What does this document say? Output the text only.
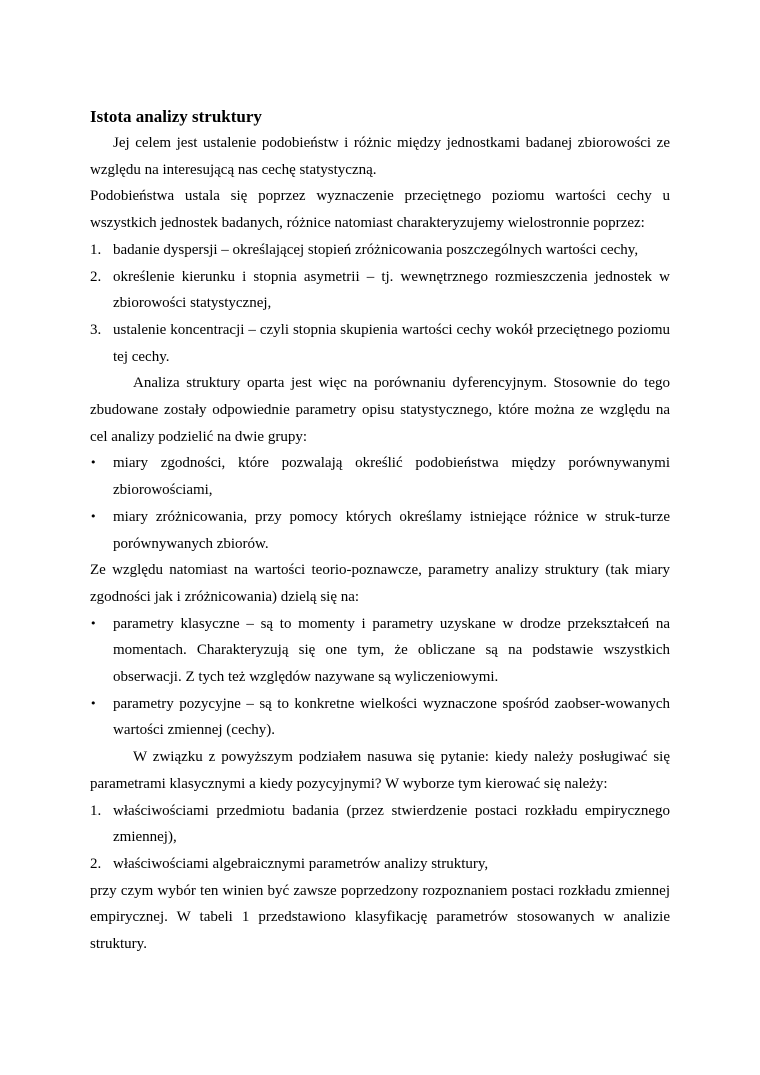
Istota analizy struktury

Jej celem jest ustalenie podobieństw i różnic między jednostkami badanej zbiorowości ze względu na interesującą nas cechę statystyczną.

Podobieństwa ustala się poprzez wyznaczenie przeciętnego poziomu wartości cechy u wszystkich jednostek badanych, różnice natomiast charakteryzujemy wielostronnie poprzez:

1. badanie dyspersji – określającej stopień zróżnicowania poszczególnych wartości cechy,
2. określenie kierunku i stopnia asymetrii – tj. wewnętrznego rozmieszczenia jednostek w zbiorowości statystycznej,
3. ustalenie koncentracji – czyli stopnia skupienia wartości cechy wokół przeciętnego poziomu tej cechy.

Analiza struktury oparta jest więc na porównaniu dyferencyjnym. Stosownie do tego zbudowane zostały odpowiednie parametry opisu statystycznego, które można ze względu na cel analizy podzielić na dwie grupy:

• miary zgodności, które pozwalają określić podobieństwa między porównywanymi zbiorowościami,
• miary zróżnicowania, przy pomocy których określamy istniejące różnice w struk-turze porównywanych zbiorów.

Ze względu natomiast na wartości teorio-poznawcze, parametry analizy struktury (tak miary zgodności jak i zróżnicowania) dzielą się na:

• parametry klasyczne – są to momenty i parametry uzyskane w drodze przekształceń na momentach. Charakteryzują się one tym, że obliczane są na podstawie wszystkich obserwacji. Z tych też względów nazywane są wyliczeniowymi.
• parametry pozycyjne – są to konkretne wielkości wyznaczone spośród zaobser-wowanych wartości zmiennej (cechy).

W związku z powyższym podziałem nasuwa się pytanie: kiedy należy posługiwać się parametrami klasycznymi a kiedy pozycyjnymi? W wyborze tym kierować się należy:

1. właściwościami przedmiotu badania (przez stwierdzenie postaci rozkładu empirycznego zmiennej),
2. właściwościami algebraicznymi parametrów analizy struktury,

przy czym wybór ten winien być zawsze poprzedzony rozpoznaniem postaci rozkładu zmiennej empirycznej. W tabeli 1 przedstawiono klasyfikację parametrów stosowanych w analizie struktury.
